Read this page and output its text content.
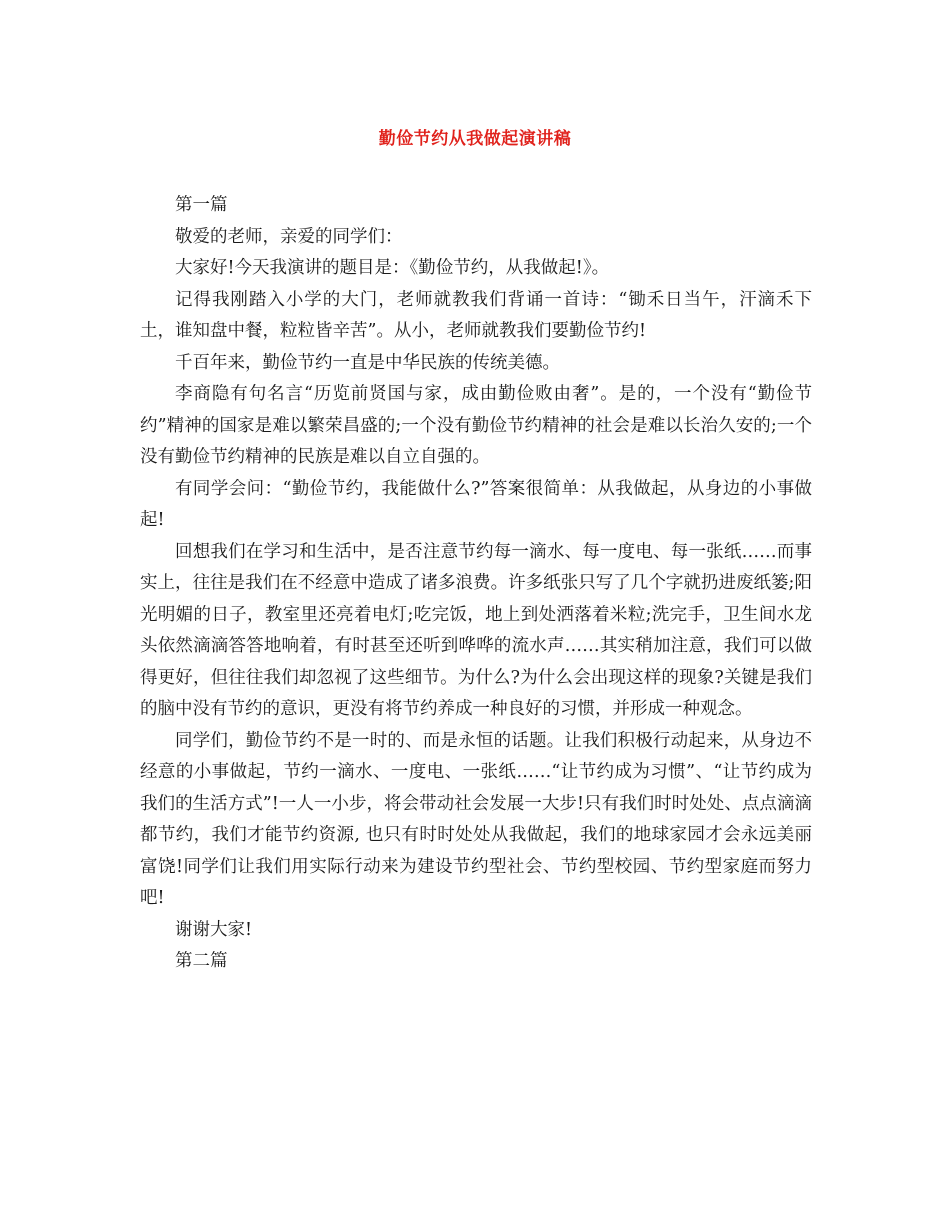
勤俭节约从我做起演讲稿

第一篇

敬爱的老师，亲爱的同学们：

大家好!今天我演讲的题目是：《勤俭节约，从我做起!》。

记得我刚踏入小学的大门，老师就教我们背诵一首诗：“锄禾日当午，汗滴禾下土，谁知盘中餐，粒粒皆辛苦”。从小，老师就教我们要勤俭节约!

千百年来，勤俭节约一直是中华民族的传统美德。

李商隐有句名言“历览前贤国与家，成由勤俭败由奢”。是的，一个没有“勤俭节约”精神的国家是难以繁荣昌盛的;一个没有勤俭节约精神的社会是难以长治久安的;一个没有勤俭节约精神的民族是难以自立自强的。

有同学会问：“勤俭节约，我能做什么?”答案很简单：从我做起，从身边的小事做起!

回想我们在学习和生活中，是否注意节约每一滴水、每一度电、每一张纸……而事实上，往往是我们在不经意中造成了诸多浪费。许多纸张只写了几个字就扔进废纸篓;阳光明媚的日子，教室里还亮着电灯;吃完饭，地上到处洒落着米粒;洗完手，卫生间水龙头依然滴滴答答地响着，有时甚至还听到哗哗的流水声……其实稍加注意，我们可以做得更好，但往往我们却忽视了这些细节。为什么?为什么会出现这样的现象?关键是我们的脑中没有节约的意识，更没有将节约养成一种良好的习惯，并形成一种观念。

同学们，勤俭节约不是一时的、而是永恒的话题。让我们积极行动起来，从身边不经意的小事做起，节约一滴水、一度电、一张纸……“让节约成为习惯”、“让节约成为我们的生活方式”!一人一小步，将会带动社会发展一大步!只有我们时时处处、点点滴滴都节约，我们才能节约资源, 也只有时时处处从我做起，我们的地球家园才会永远美丽富饶!同学们让我们用实际行动来为建设节约型社会、节约型校园、节约型家庭而努力吧!

谢谢大家!

第二篇
